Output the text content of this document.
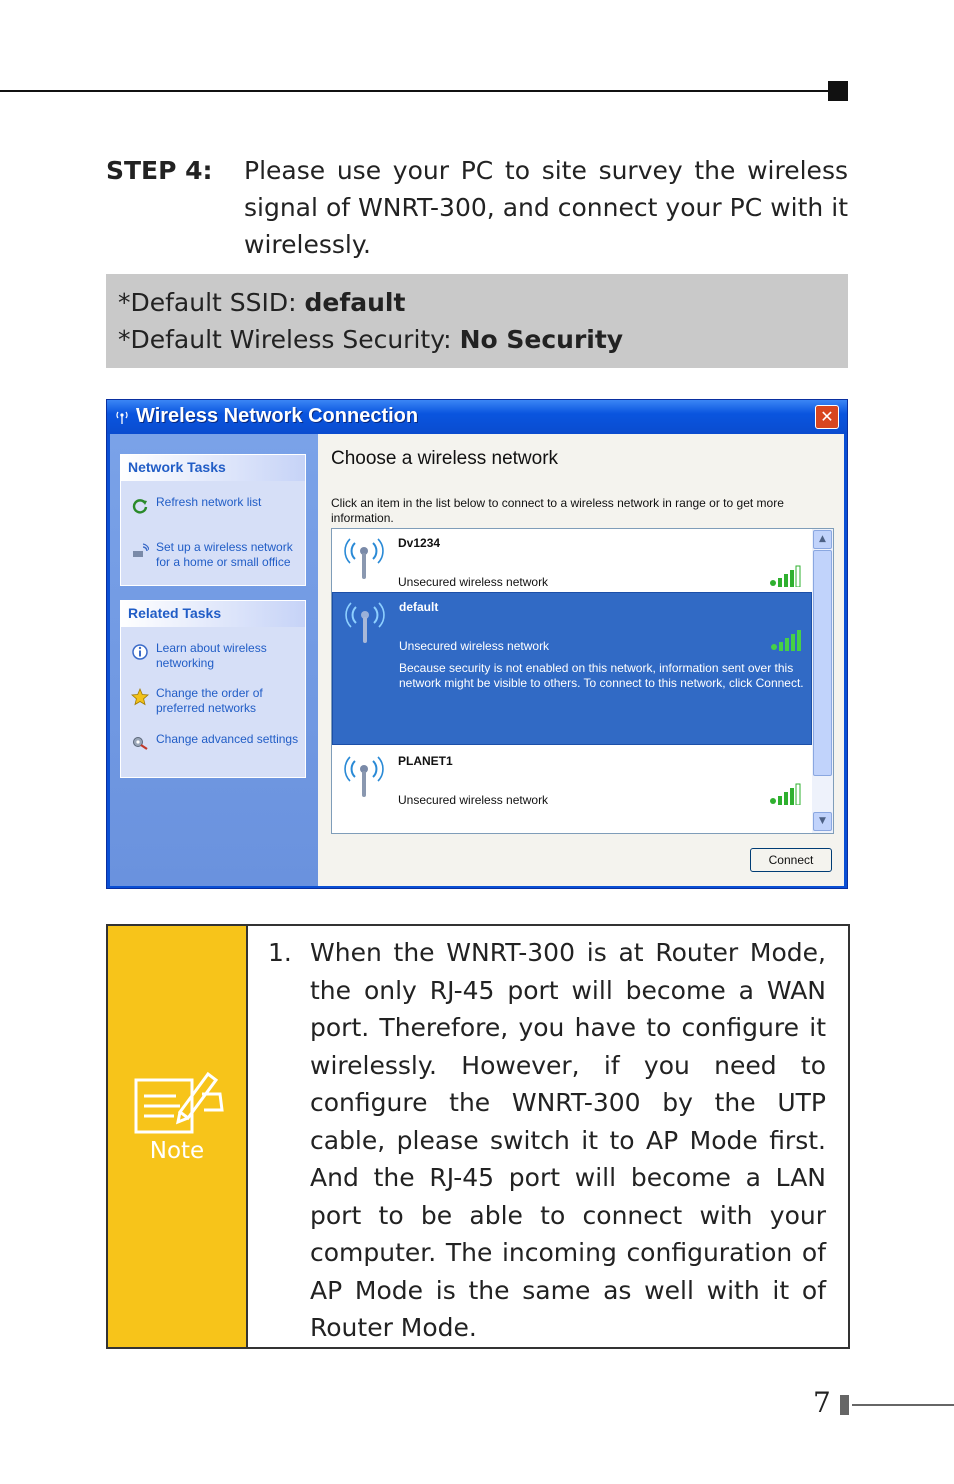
STEP 4: Please use your PC to site survey the wireless signal of WNRT-300, and connect your PC with it wirelessly.
*Default SSID: default
*Default Wireless Security: No Security
Wireless Network Connection	✕
Network Tasks
Refresh network list
Set up a wireless network for a home or small office
Related Tasks
Learn about wireless networking
Change the order of preferred networks
Change advanced settings
Choose a wireless network
Click an item in the list below to connect to a wireless network in range or to get more information.
Dv1234
Unsecured wireless network
default
Unsecured wireless network
Because security is not enabled on this network, information sent over this network might be visible to others. To connect to this network, click Connect.
PLANET1
Unsecured wireless network
▲
▼
Connect
Note
1. When the WNRT-300 is at Router Mode, the only RJ-45 port will become a WAN port. Therefore, you have to configure it wirelessly. However, if you need to configure the WNRT-300 by the UTP cable, please switch it to AP Mode first. And the RJ-45 port will become a LAN port to be able to connect with your computer. The incoming configuration of AP Mode is the same as well with it of Router Mode.
7
